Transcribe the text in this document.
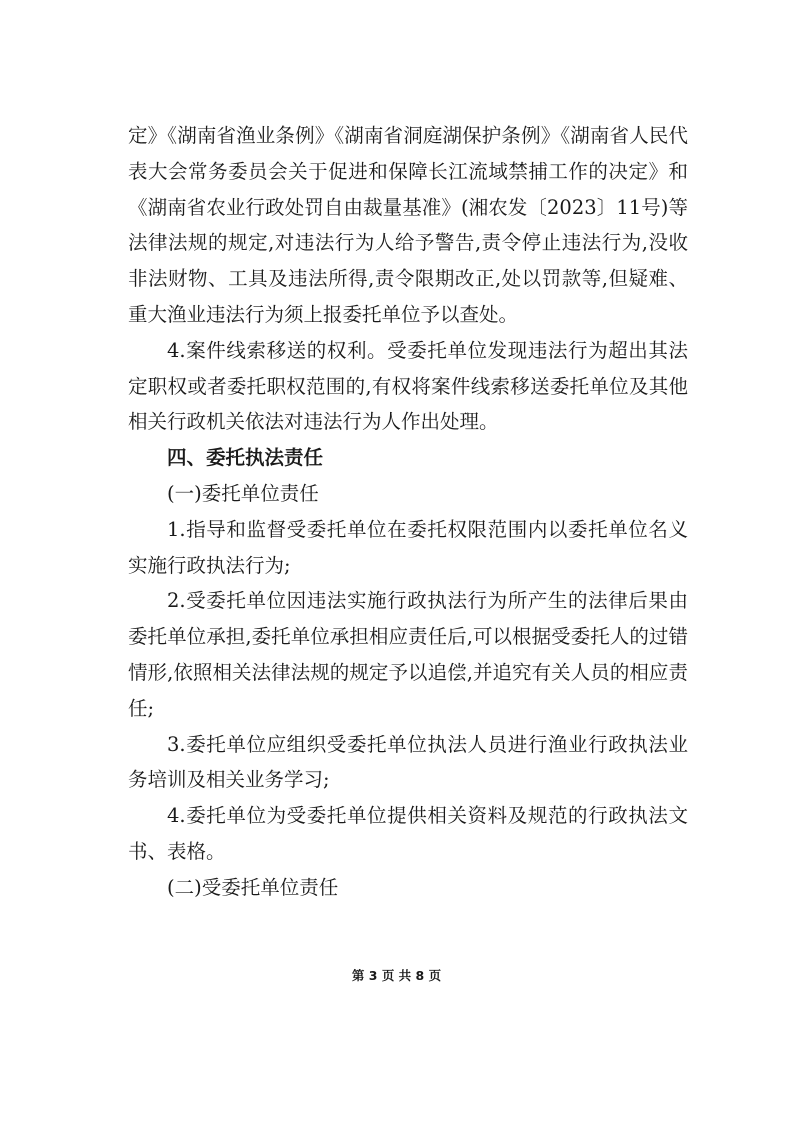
定》《湖南省渔业条例》《湖南省洞庭湖保护条例》《湖南省人民代表大会常务委员会关于促进和保障长江流域禁捕工作的决定》和《湖南省农业行政处罚自由裁量基准》(湘农发〔2023〕11号)等法律法规的规定,对违法行为人给予警告,责令停止违法行为,没收非法财物、工具及违法所得,责令限期改正,处以罚款等,但疑难、重大渔业违法行为须上报委托单位予以查处。

4.案件线索移送的权利。受委托单位发现违法行为超出其法定职权或者委托职权范围的,有权将案件线索移送委托单位及其他相关行政机关依法对违法行为人作出处理。

四、委托执法责任

(一)委托单位责任

1.指导和监督受委托单位在委托权限范围内以委托单位名义实施行政执法行为;

2.受委托单位因违法实施行政执法行为所产生的法律后果由委托单位承担,委托单位承担相应责任后,可以根据受委托人的过错情形,依照相关法律法规的规定予以追偿,并追究有关人员的相应责任;

3.委托单位应组织受委托单位执法人员进行渔业行政执法业务培训及相关业务学习;

4.委托单位为受委托单位提供相关资料及规范的行政执法文书、表格。

(二)受委托单位责任

第 3 页 共 8 页
